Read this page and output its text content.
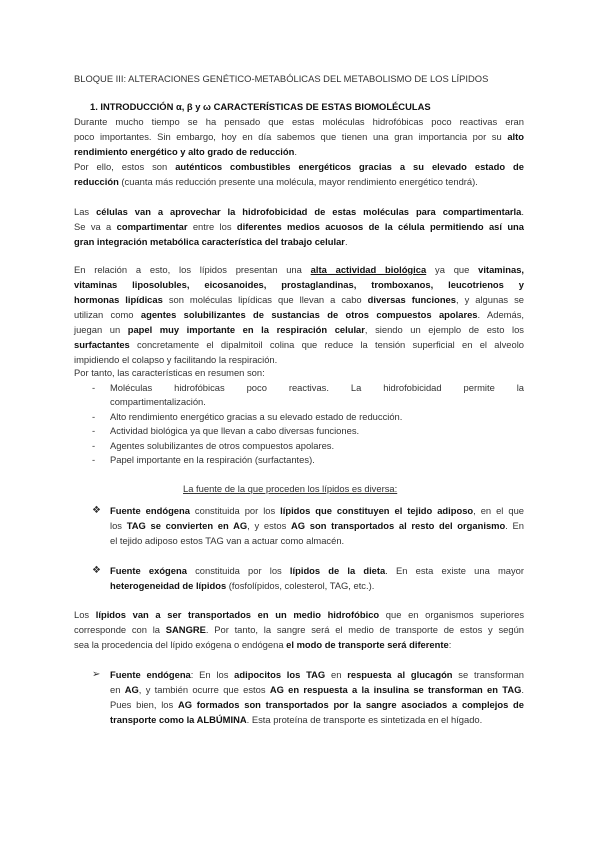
BLOQUE III: ALTERACIONES GENÉTICO-METABÓLICAS DEL METABOLISMO DE LOS LÍPIDOS
1. INTRODUCCIÓN α, β y ω CARACTERÍSTICAS DE ESTAS BIOMOLÉCULAS
Durante mucho tiempo se ha pensado que estas moléculas hidrofóbicas poco reactivas eran
poco importantes. Sin embargo, hoy en día sabemos que tienen una gran importancia por su alto
rendimiento energético y alto grado de reducción.
Por ello, estos son auténticos combustibles energéticos gracias a su elevado estado de
reducción (cuanta más reducción presente una molécula, mayor rendimiento energético tendrá).
Las células van a aprovechar la hidrofobicidad de estas moléculas para compartimentarla.
Se va a compartimentar entre los diferentes medios acuosos de la célula permitiendo así una
gran integración metabólica característica del trabajo celular.
En relación a esto, los lípidos presentan una alta actividad biológica ya que vitaminas,
vitaminas liposolubles, eicosanoides, prostaglandinas, tromboxanos, leucotrienos y
hormonas lipídicas son moléculas lipídicas que llevan a cabo diversas funciones, y algunas se
utilizan como agentes solubilizantes de sustancias de otros compuestos apolares. Además,
juegan un papel muy importante en la respiración celular, siendo un ejemplo de esto los
surfactantes concretamente el dipalmitoil colina que reduce la tensión superficial en el alveolo
impidiendo el colapso y facilitando la respiración.
Por tanto, las características en resumen son:
- Moléculas hidrofóbicas poco reactivas. La hidrofobicidad permite la
compartimentalización.
- Alto rendimiento energético gracias a su elevado estado de reducción.
- Actividad biológica ya que llevan a cabo diversas funciones.
- Agentes solubilizantes de otros compuestos apolares.
- Papel importante en la respiración (surfactantes).
La fuente de la que proceden los lípidos es diversa:
❖ Fuente endógena constituida por los lípidos que constituyen el tejido adiposo, en el que
los TAG se convierten en AG, y estos AG son transportados al resto del organismo. En
el tejido adiposo estos TAG van a actuar como almacén.
❖ Fuente exógena constituida por los lípidos de la dieta. En esta existe una mayor
heterogeneidad de lípidos (fosfolípidos, colesterol, TAG, etc.).
Los lípidos van a ser transportados en un medio hidrofóbico que en organismos superiores
corresponde con la SANGRE. Por tanto, la sangre será el medio de transporte de estos y según
sea la procedencia del lípido exógena o endógena el modo de transporte será diferente:
➢ Fuente endógena: En los adipocitos los TAG en respuesta al glucagón se transforman
en AG, y también ocurre que estos AG en respuesta a la insulina se transforman en TAG.
Pues bien, los AG formados son transportados por la sangre asociados a complejos de
transporte como la ALBÚMINA. Esta proteína de transporte es sintetizada en el hígado.
